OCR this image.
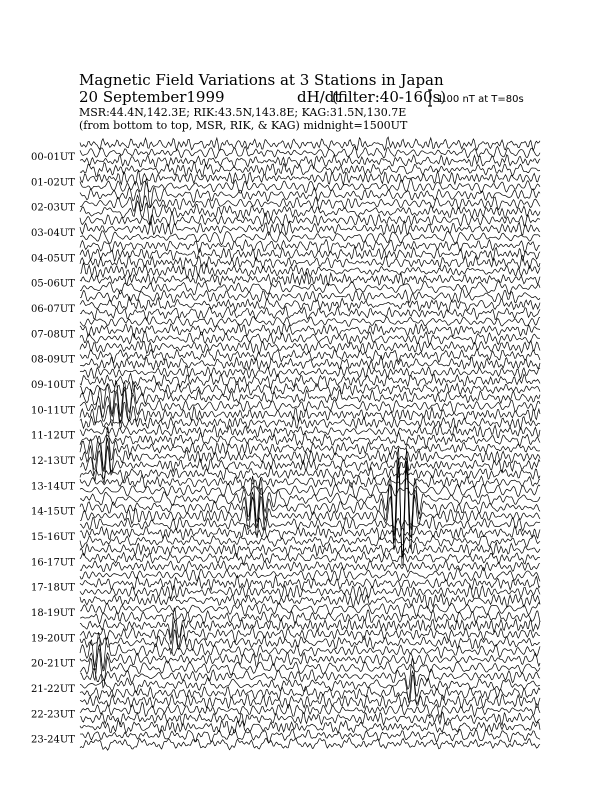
Magnetic Field Variations at 3 Stations in Japan
20 September1999	dH/dt
(filter:40-160s)
MSR:44.4N,142.3E; RIK:43.5N,143.8E; KAG:31.5N,130.7E
(from bottom to top, MSR, RIK, & KAG) midnight=1500UT
1.00 nT at T=80s
00-01UT
01-02UT
02-03UT
03-04UT
04-05UT
05-06UT
06-07UT
07-08UT
08-09UT
09-10UT
10-11UT
11-12UT
12-13UT
13-14UT
14-15UT
15-16UT
16-17UT
17-18UT
18-19UT
19-20UT
20-21UT
21-22UT
22-23UT
23-24UT
